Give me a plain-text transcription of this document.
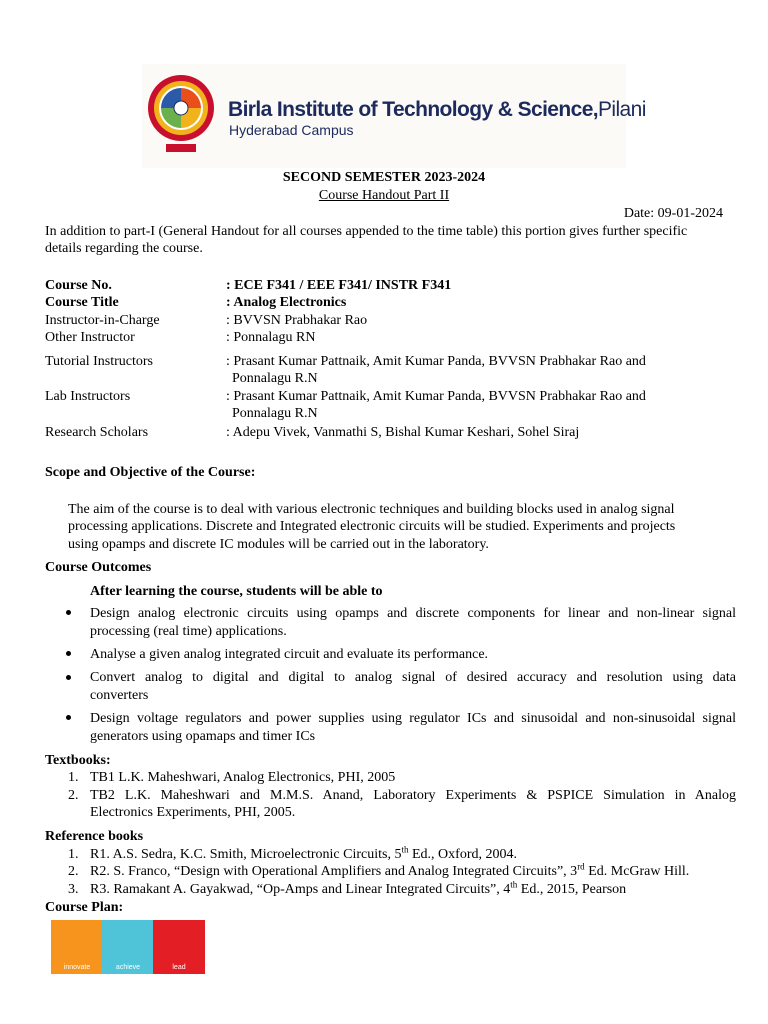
Birla Institute of Technology & Science,Pilani
Hyderabad Campus
SECOND SEMESTER 2023-2024
Course Handout Part II
Date: 09-01-2024
In addition to part-I (General Handout for all courses appended to the time table) this portion gives further specific
details regarding the course.
Course No.	: ECE F341 / EEE F341/ INSTR F341
Course Title	: Analog Electronics
Instructor-in-Charge	: BVVSN Prabhakar Rao
Other Instructor	: Ponnalagu RN
Tutorial Instructors	: Prasant Kumar Pattnaik, Amit Kumar Panda, BVVSN Prabhakar Rao and
Ponnalagu R.N
Lab Instructors	: Prasant Kumar Pattnaik, Amit Kumar Panda, BVVSN Prabhakar Rao and
Ponnalagu R.N
Research Scholars	: Adepu Vivek, Vanmathi S, Bishal Kumar Keshari, Sohel Siraj
Scope and Objective of the Course:
The aim of the course is to deal with various electronic techniques and building blocks used in analog signal
processing applications. Discrete and Integrated electronic circuits will be studied. Experiments and projects
using opamps and discrete IC modules will be carried out in the laboratory.
Course Outcomes
After learning the course, students will be able to
Design analog electronic circuits using opamps and discrete components for linear and non-linear signal
processing (real time) applications.
Analyse a given analog integrated circuit and evaluate its performance.
Convert analog to digital and digital to analog signal of desired accuracy and resolution using data
converters
Design voltage regulators and power supplies using regulator ICs and sinusoidal and non-sinusoidal signal
generators using opamaps and timer ICs
Textbooks:
1. TB1 L.K. Maheshwari, Analog Electronics, PHI, 2005
2. TB2 L.K. Maheshwari and M.M.S. Anand, Laboratory Experiments & PSPICE Simulation in Analog
Electronics Experiments, PHI, 2005.
Reference books
1. R1. A.S. Sedra, K.C. Smith, Microelectronic Circuits, 5th Ed., Oxford, 2004.
2. R2. S. Franco, “Design with Operational Amplifiers and Analog Integrated Circuits”, 3rd Ed. McGraw Hill.
3. R3. Ramakant A. Gayakwad, “Op-Amps and Linear Integrated Circuits”, 4th Ed., 2015, Pearson
Course Plan:
innovate	achieve	lead
